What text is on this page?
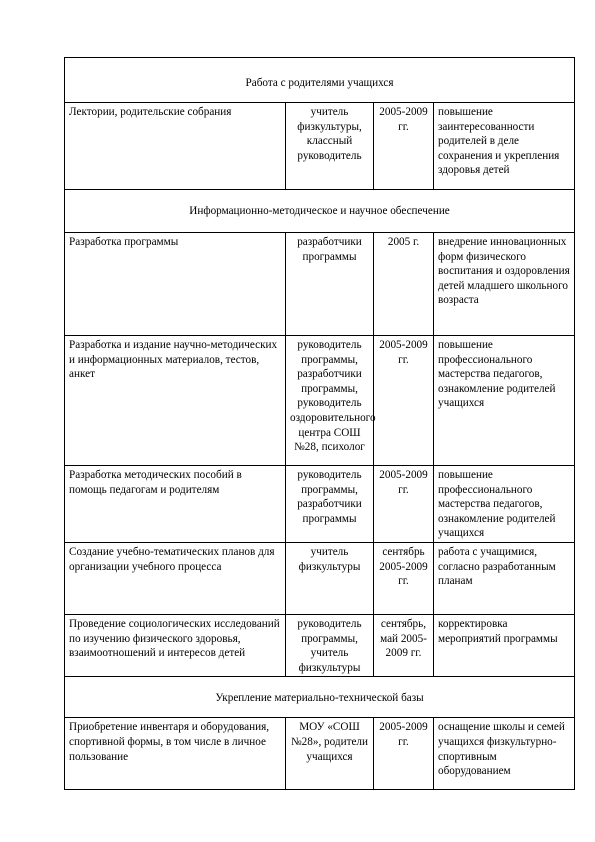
Работа с родителями учащихся			
Лектории, родительские собрания	учитель физкультуры, классный руководитель	2005-2009 гг.	повышение заинтересованности родителей в деле сохранения и укрепления здоровья детей
Информационно-методическое и научное обеспечение			
Разработка программы	разработчики программы	2005 г.	внедрение инновационных форм физического воспитания и оздоровления детей младшего школьного возраста
Разработка и издание научно-методических и информационных материалов, тестов, анкет	руководитель программы, разработчики программы, руководитель оздоровительного центра СОШ №28, психолог	2005-2009 гг.	повышение профессионального мастерства педагогов, ознакомление родителей учащихся
Разработка методических пособий в помощь педагогам и родителям	руководитель программы, разработчики программы	2005-2009 гг.	повышение профессионального мастерства педагогов, ознакомление родителей учащихся
Создание учебно-тематических планов для организации учебного процесса	учитель физкультуры	сентябрь 2005-2009 гг.	работа с учащимися, согласно разработанным планам
Проведение социологических исследований по изучению физического здоровья, взаимоотношений и интересов детей	руководитель программы, учитель физкультуры	сентябрь, май 2005-2009 гг.	корректировка мероприятий программы
Укрепление материально-технической базы			
Приобретение инвентаря и оборудования, спортивной формы, в том числе в личное пользование	МОУ «СОШ №28», родители учащихся	2005-2009 гг.	оснащение школы и семей учащихся физкультурно-спортивным оборудованием
